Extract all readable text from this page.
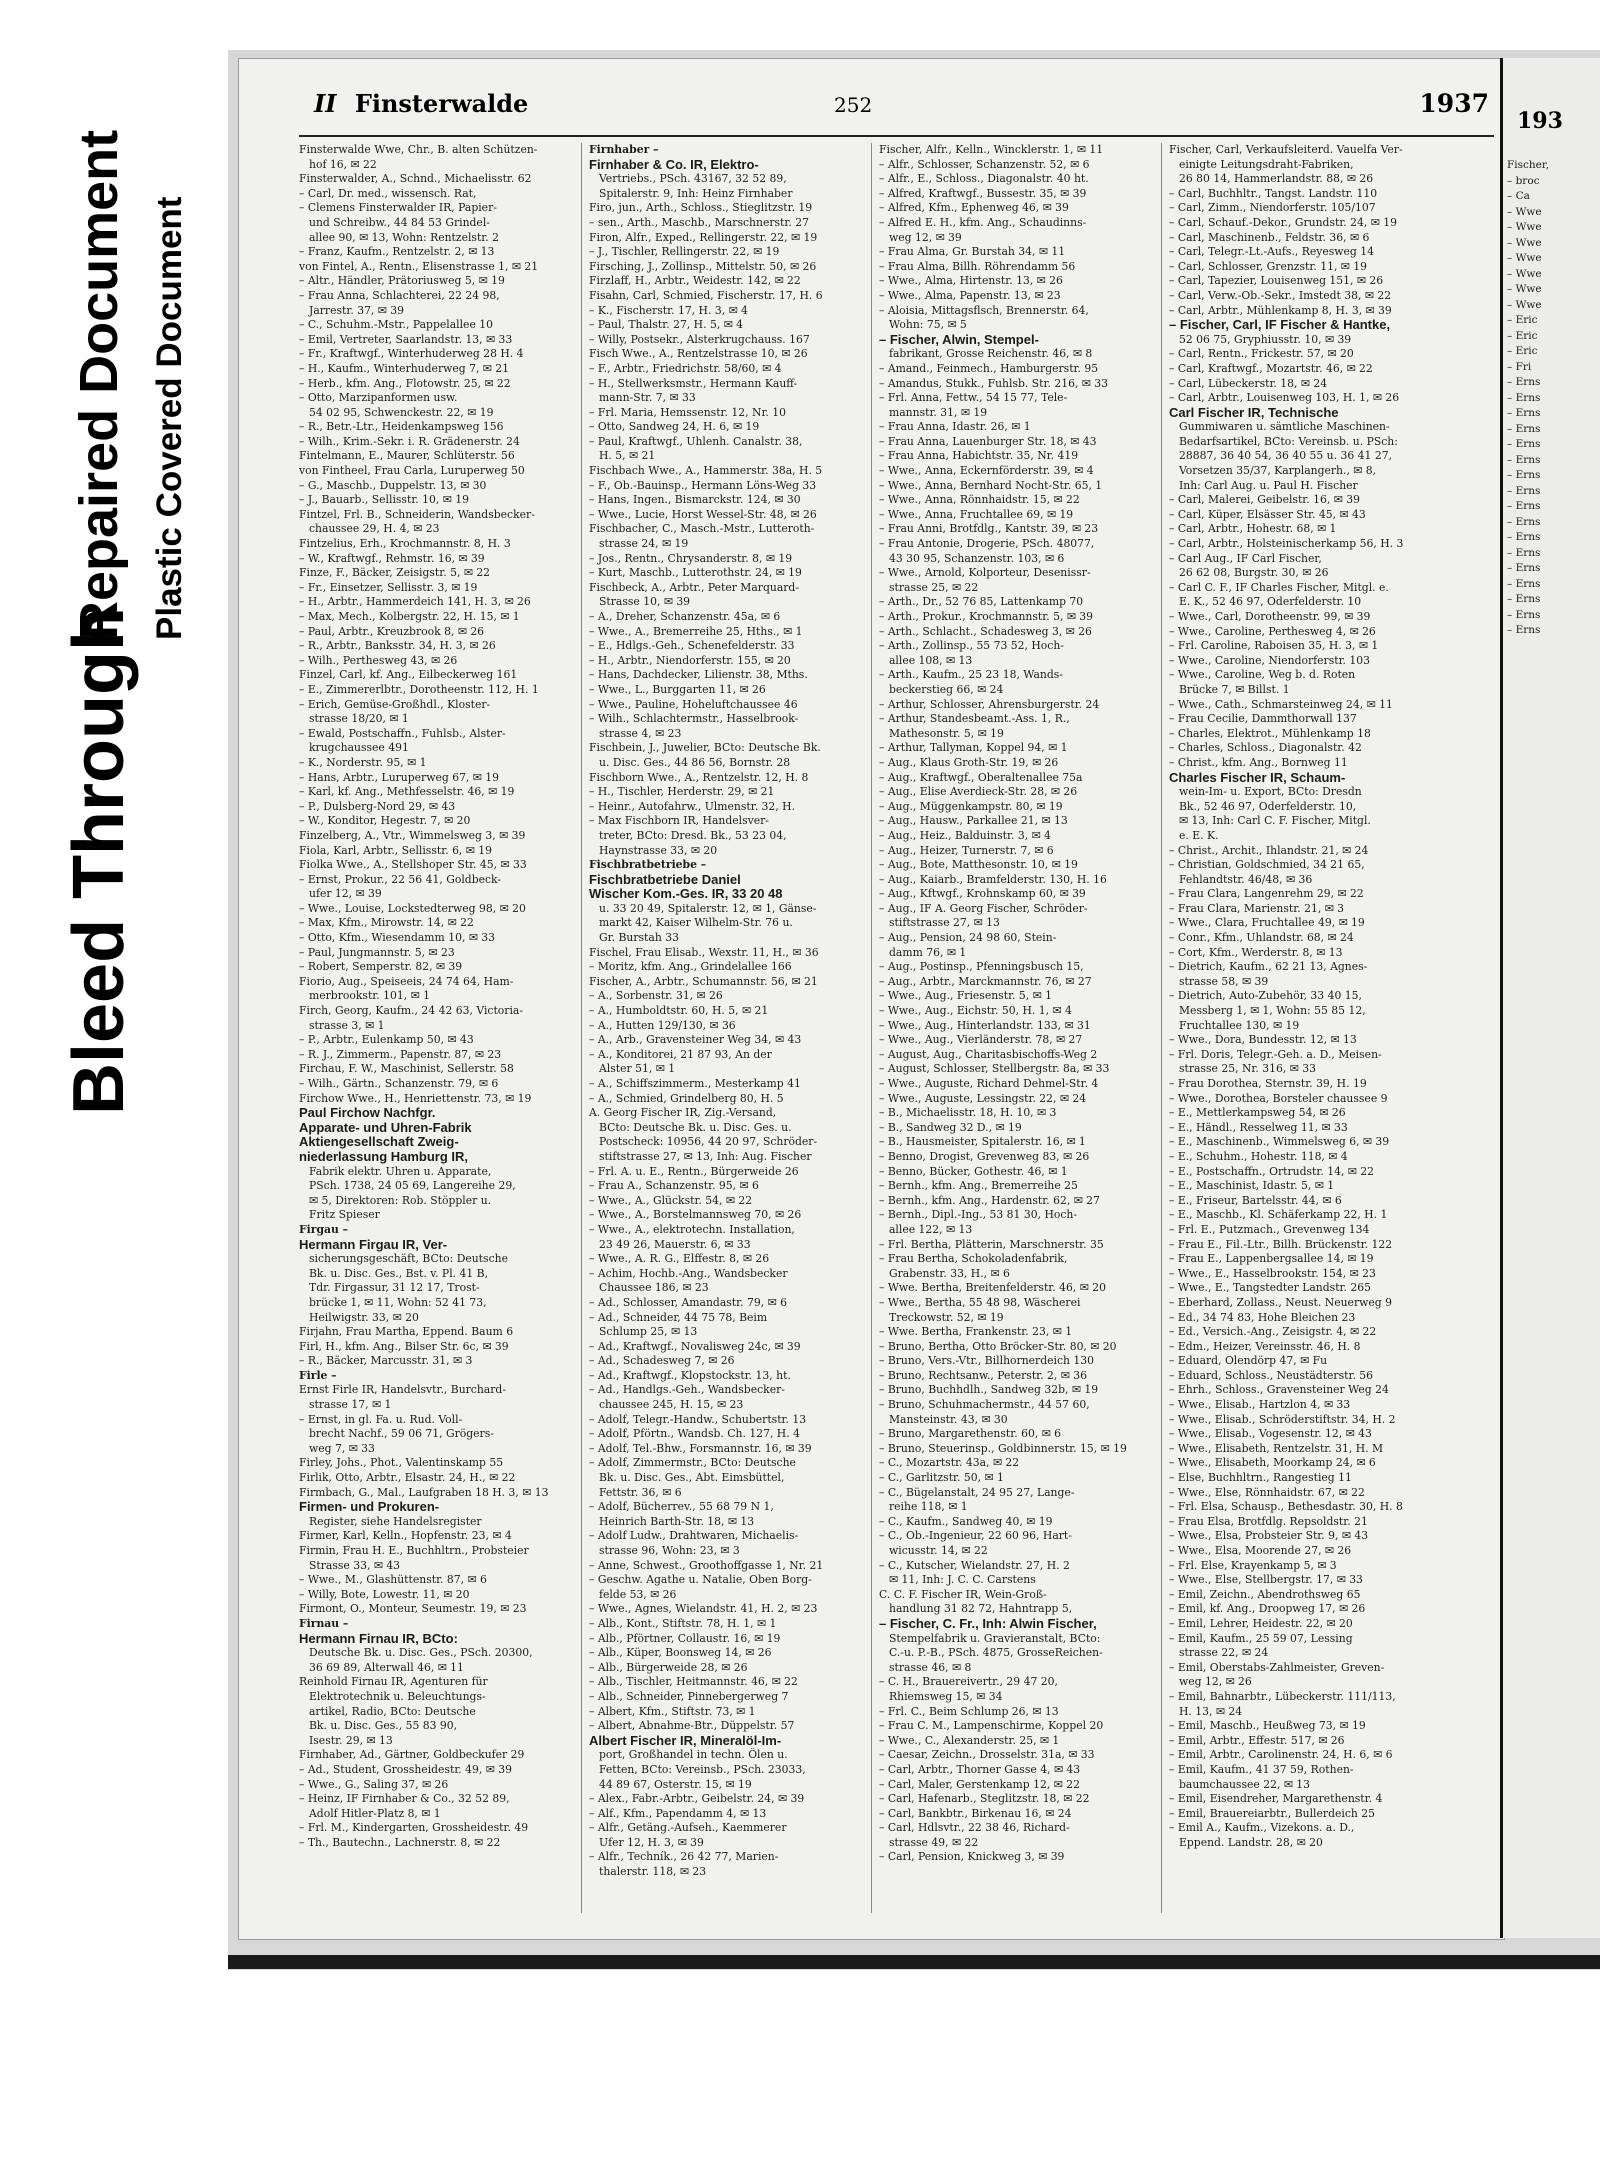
Bleed Through
Repaired Document Plastic Covered Document
II Finsterwalde	252	1937
Finsterwalde Wwe, Chr., B. alten Schützen-
hof 16, ✉ 22
Finsterwalder, A., Schnd., Michaelisstr. 62
– Carl, Dr. med., wissensch. Rat,
– Clemens Finsterwalder IR, Papier-
und Schreibw., 44 84 53 Grindel-
allee 90, ✉ 13, Wohn: Rentzelstr. 2
– Franz, Kaufm., Rentzelstr. 2, ✉ 13
von Fintel, A., Rentn., Elisenstrasse 1, ✉ 21
– Altr., Händler, Prätoriusweg 5, ✉ 19
– Frau Anna, Schlachterei, 22 24 98,
Jarrestr. 37, ✉ 39
– C., Schuhm.-Mstr., Pappelallee 10
– Emil, Vertreter, Saarlandstr. 13, ✉ 33
– Fr., Kraftwgf., Winterhuderweg 28 H. 4
– H., Kaufm., Winterhuderweg 7, ✉ 21
– Herb., kfm. Ang., Flotowstr. 25, ✉ 22
– Otto, Marzipanformen usw.
54 02 95, Schwenckestr. 22, ✉ 19
– R., Betr.-Ltr., Heidenkampsweg 156
– Wilh., Krim.-Sekr. i. R. Grädenerstr. 24
Fintelmann, E., Maurer, Schlüterstr. 56
von Fintheel, Frau Carla, Luruperweg 50
– G., Maschb., Duppelstr. 13, ✉ 30
– J., Bauarb., Sellisstr. 10, ✉ 19
Fintzel, Frl. B., Schneiderin, Wandsbecker-
chaussee 29, H. 4, ✉ 23
Fintzelius, Erh., Krochmannstr. 8, H. 3
– W., Kraftwgf., Rehmstr. 16, ✉ 39
Finze, F., Bäcker, Zeisigstr. 5, ✉ 22
– Fr., Einsetzer, Sellisstr. 3, ✉ 19
– H., Arbtr., Hammerdeich 141, H. 3, ✉ 26
– Max, Mech., Kolbergstr. 22, H. 15, ✉ 1
– Paul, Arbtr., Kreuzbrook 8, ✉ 26
– R., Arbtr., Banksstr. 34, H. 3, ✉ 26
– Wilh., Perthesweg 43, ✉ 26
Finzel, Carl, kf. Ang., Eilbeckerweg 161
– E., Zimmererlbtr., Dorotheenstr. 112, H. 1
– Erich, Gemüse-Großhdl., Kloster-
strasse 18/20, ✉ 1
– Ewald, Postschaffn., Fuhlsb., Alster-
krugchaussee 491
– K., Norderstr. 95, ✉ 1
– Hans, Arbtr., Luruperweg 67, ✉ 19
– Karl, kf. Ang., Methfesselstr. 46, ✉ 19
– P., Dulsberg-Nord 29, ✉ 43
– W., Konditor, Hegestr. 7, ✉ 20
Finzelberg, A., Vtr., Wimmelsweg 3, ✉ 39
Fiola, Karl, Arbtr., Sellisstr. 6, ✉ 19
Fiolka Wwe., A., Stellshoper Str. 45, ✉ 33
– Ernst, Prokur., 22 56 41, Goldbeck-
ufer 12, ✉ 39
– Wwe., Louise, Lockstedterweg 98, ✉ 20
– Max, Kfm., Mirowstr. 14, ✉ 22
– Otto, Kfm., Wiesendamm 10, ✉ 33
– Paul, Jungmannstr. 5, ✉ 23
– Robert, Semperstr. 82, ✉ 39
Fiorio, Aug., Speiseeis, 24 74 64, Ham-
merbrookstr. 101, ✉ 1
Firch, Georg, Kaufm., 24 42 63, Victoria-
strasse 3, ✉ 1
– P., Arbtr., Eulenkamp 50, ✉ 43
– R. J., Zimmerm., Papenstr. 87, ✉ 23
Firchau, F. W., Maschinist, Sellerstr. 58
– Wilh., Gärtn., Schanzenstr. 79, ✉ 6
Firchow Wwe., H., Henriettenstr. 73, ✉ 19
Paul Firchow Nachfgr.
Apparate- und Uhren-Fabrik
Aktiengesellschaft Zweig-
niederlassung Hamburg IR,
Fabrik elektr. Uhren u. Apparate,
PSch. 1738, 24 05 69, Langereihe 29,
✉ 5, Direktoren: Rob. Stöppler u.
Fritz Spieser
Firgau –
Hermann Firgau IR, Ver-
sicherungsgeschäft, BCto: Deutsche
Bk. u. Disc. Ges., Bst. v. Pl. 41 B,
Tdr. Firgassur, 31 12 17, Trost-
brücke 1, ✉ 11, Wohn: 52 41 73,
Heilwigstr. 33, ✉ 20
Firjahn, Frau Martha, Eppend. Baum 6
Firl, H., kfm. Ang., Bilser Str. 6c, ✉ 39
– R., Bäcker, Marcusstr. 31, ✉ 3
Firle –
Ernst Firle IR, Handelsvtr., Burchard-
strasse 17, ✉ 1
– Ernst, in gl. Fa. u. Rud. Voll-
brecht Nachf., 59 06 71, Grögers-
weg 7, ✉ 33
Firley, Johs., Phot., Valentinskamp 55
Firlik, Otto, Arbtr., Elsastr. 24, H., ✉ 22
Firmbach, G., Mal., Laufgraben 18 H. 3, ✉ 13
Firmen- und Prokuren-
Register, siehe Handelsregister
Firmer, Karl, Kelln., Hopfenstr. 23, ✉ 4
Firmin, Frau H. E., Buchhltrn., Probsteier
Strasse 33, ✉ 43
– Wwe., M., Glashüttenstr. 87, ✉ 6
– Willy, Bote, Lowestr. 11, ✉ 20
Firmont, O., Monteur, Seumestr. 19, ✉ 23
Firnau –
Hermann Firnau IR, BCto:
Deutsche Bk. u. Disc. Ges., PSch. 20300,
36 69 89, Alterwall 46, ✉ 11
Reinhold Firnau IR, Agenturen für
Elektrotechnik u. Beleuchtungs-
artikel, Radio, BCto: Deutsche
Bk. u. Disc. Ges., 55 83 90,
Isestr. 29, ✉ 13
Firnhaber, Ad., Gärtner, Goldbeckufer 29
– Ad., Student, Grossheidestr. 49, ✉ 39
– Wwe., G., Saling 37, ✉ 26
– Heinz, IF Firnhaber & Co., 32 52 89,
Adolf Hitler-Platz 8, ✉ 1
– Frl. M., Kindergarten, Grossheidestr. 49
– Th., Bautechn., Lachnerstr. 8, ✉ 22
Firnhaber –
Firnhaber & Co. IR, Elektro-
Vertriebs., PSch. 43167, 32 52 89,
Spitalerstr. 9, Inh: Heinz Firnhaber
Firo, jun., Arth., Schloss., Stieglitzstr. 19
– sen., Arth., Maschb., Marschnerstr. 27
Firon, Alfr., Exped., Rellingerstr. 22, ✉ 19
– J., Tischler, Rellingerstr. 22, ✉ 19
Firsching, J., Zollinsp., Mittelstr. 50, ✉ 26
Firzlaff, H., Arbtr., Weidestr. 142, ✉ 22
Fisahn, Carl, Schmied, Fischerstr. 17, H. 6
– K., Fischerstr. 17, H. 3, ✉ 4
– Paul, Thalstr. 27, H. 5, ✉ 4
– Willy, Postsekr., Alsterkrugchauss. 167
Fisch Wwe., A., Rentzelstrasse 10, ✉ 26
– F., Arbtr., Friedrichstr. 58/60, ✉ 4
– H., Stellwerksmstr., Hermann Kauff-
mann-Str. 7, ✉ 33
– Frl. Maria, Hemssenstr. 12, Nr. 10
– Otto, Sandweg 24, H. 6, ✉ 19
– Paul, Kraftwgf., Uhlenh. Canalstr. 38,
H. 5, ✉ 21
Fischbach Wwe., A., Hammerstr. 38a, H. 5
– F., Ob.-Bauinsp., Hermann Löns-Weg 33
– Hans, Ingen., Bismarckstr. 124, ✉ 30
– Wwe., Lucie, Horst Wessel-Str. 48, ✉ 26
Fischbacher, C., Masch.-Mstr., Lutteroth-
strasse 24, ✉ 19
– Jos., Rentn., Chrysanderstr. 8, ✉ 19
– Kurt, Maschb., Lutterothstr. 24, ✉ 19
Fischbeck, A., Arbtr., Peter Marquard-
Strasse 10, ✉ 39
– A., Dreher, Schanzenstr. 45a, ✉ 6
– Wwe., A., Bremerreihe 25, Hths., ✉ 1
– E., Hdlgs.-Geh., Schenefelderstr. 33
– H., Arbtr., Niendorferstr. 155, ✉ 20
– Hans, Dachdecker, Lilienstr. 38, Mths.
– Wwe., L., Burggarten 11, ✉ 26
– Wwe., Pauline, Hoheluftchaussee 46
– Wilh., Schlachtermstr., Hasselbrook-
strasse 4, ✉ 23
Fischbein, J., Juwelier, BCto: Deutsche Bk.
u. Disc. Ges., 44 86 56, Bornstr. 28
Fischborn Wwe., A., Rentzelstr. 12, H. 8
– H., Tischler, Herderstr. 29, ✉ 21
– Heinr., Autofahrw., Ulmenstr. 32, H.
– Max Fischborn IR, Handelsver-
treter, BCto: Dresd. Bk., 53 23 04,
Haynstrasse 33, ✉ 20
Fischbratbetriebe –
Fischbratbetriebe Daniel
Wischer Kom.-Ges. IR, 33 20 48
u. 33 20 49, Spitalerstr. 12, ✉ 1, Gänse-
markt 42, Kaiser Wilhelm-Str. 76 u.
Gr. Burstah 33
Fischel, Frau Elisab., Wexstr. 11, H., ✉ 36
– Moritz, kfm. Ang., Grindelallee 166
Fischer, A., Arbtr., Schumannstr. 56, ✉ 21
– A., Sorbenstr. 31, ✉ 26
– A., Humboldtstr. 60, H. 5, ✉ 21
– A., Hutten 129/130, ✉ 36
– A., Arb., Gravensteiner Weg 34, ✉ 43
– A., Konditorei, 21 87 93, An der
Alster 51, ✉ 1
– A., Schiffszimmerm., Mesterkamp 41
– A., Schmied, Grindelberg 80, H. 5
A. Georg Fischer IR, Zig.-Versand,
BCto: Deutsche Bk. u. Disc. Ges. u.
Postscheck: 10956, 44 20 97, Schröder-
stiftstrasse 27, ✉ 13, Inh: Aug. Fischer
– Frl. A. u. E., Rentn., Bürgerweide 26
– Frau A., Schanzenstr. 95, ✉ 6
– Wwe., A., Glückstr. 54, ✉ 22
– Wwe., A., Borstelmannsweg 70, ✉ 26
– Wwe., A., elektrotechn. Installation,
23 49 26, Mauerstr. 6, ✉ 33
– Wwe., A. R. G., Elffestr. 8, ✉ 26
– Achim, Hochb.-Ang., Wandsbecker
Chaussee 186, ✉ 23
– Ad., Schlosser, Amandastr. 79, ✉ 6
– Ad., Schneider, 44 75 78, Beim
Schlump 25, ✉ 13
– Ad., Kraftwgf., Novalisweg 24c, ✉ 39
– Ad., Schadesweg 7, ✉ 26
– Ad., Kraftwgf., Klopstockstr. 13, ht.
– Ad., Handlgs.-Geh., Wandsbecker-
chaussee 245, H. 15, ✉ 23
– Adolf, Telegr.-Handw., Schubertstr. 13
– Adolf, Pförtn., Wandsb. Ch. 127, H. 4
– Adolf, Tel.-Bhw., Forsmannstr. 16, ✉ 39
– Adolf, Zimmermstr., BCto: Deutsche
Bk. u. Disc. Ges., Abt. Eimsbüttel,
Fettstr. 36, ✉ 6
– Adolf, Bücherrev., 55 68 79 N 1,
Heinrich Barth-Str. 18, ✉ 13
– Adolf Ludw., Drahtwaren, Michaelis-
strasse 96, Wohn: 23, ✉ 3
– Anne, Schwest., Groothoffgasse 1, Nr. 21
– Geschw. Agathe u. Natalie, Oben Borg-
felde 53, ✉ 26
– Wwe., Agnes, Wielandstr. 41, H. 2, ✉ 23
– Alb., Kont., Stiftstr. 78, H. 1, ✉ 1
– Alb., Pförtner, Collaustr. 16, ✉ 19
– Alb., Küper, Boonsweg 14, ✉ 26
– Alb., Bürgerweide 28, ✉ 26
– Alb., Tischler, Heitmannstr. 46, ✉ 22
– Alb., Schneider, Pinnebergerweg 7
– Albert, Kfm., Stiftstr. 73, ✉ 1
– Albert, Abnahme-Btr., Düppelstr. 57
Albert Fischer IR, Mineralöl-Im-
port, Großhandel in techn. Ölen u.
Fetten, BCto: Vereinsb., PSch. 23033,
44 89 67, Osterstr. 15, ✉ 19
– Alex., Fabr.-Arbtr., Geibelstr. 24, ✉ 39
– Alf., Kfm., Papendamm 4, ✉ 13
– Alfr., Getäng.-Aufseh., Kaemmerer
Ufer 12, H. 3, ✉ 39
– Alfr., Techník., 26 42 77, Marien-
thalerstr. 118, ✉ 23
Fischer, Alfr., Kelln., Wincklerstr. 1, ✉ 11
– Alfr., Schlosser, Schanzenstr. 52, ✉ 6
– Alfr., E., Schloss., Diagonalstr. 40 ht.
– Alfred, Kraftwgf., Bussestr. 35, ✉ 39
– Alfred, Kfm., Ephenweg 46, ✉ 39
– Alfred E. H., kfm. Ang., Schaudinns-
weg 12, ✉ 39
– Frau Alma, Gr. Burstah 34, ✉ 11
– Frau Alma, Billh. Röhrendamm 56
– Wwe., Alma, Hirtenstr. 13, ✉ 26
– Wwe., Alma, Papenstr. 13, ✉ 23
– Aloisia, Mittagsflsch, Brennerstr. 64,
Wohn: 75, ✉ 5
– Fischer, Alwin, Stempel-
fabrikant, Grosse Reichenstr. 46, ✉ 8
– Amand., Feinmech., Hamburgerstr. 95
– Amandus, Stukk., Fuhlsb. Str. 216, ✉ 33
– Frl. Anna, Fettw., 54 15 77, Tele-
mannstr. 31, ✉ 19
– Frau Anna, Idastr. 26, ✉ 1
– Frau Anna, Lauenburger Str. 18, ✉ 43
– Frau Anna, Habichtstr. 35, Nr. 419
– Wwe., Anna, Eckernförderstr. 39, ✉ 4
– Wwe., Anna, Bernhard Nocht-Str. 65, 1
– Wwe., Anna, Rönnhaidstr. 15, ✉ 22
– Wwe., Anna, Fruchtallee 69, ✉ 19
– Frau Anni, Brotfdlg., Kantstr. 39, ✉ 23
– Frau Antonie, Drogerie, PSch. 48077,
43 30 95, Schanzenstr. 103, ✉ 6
– Wwe., Arnold, Kolporteur, Desenissr-
strasse 25, ✉ 22
– Arth., Dr., 52 76 85, Lattenkamp 70
– Arth., Prokur., Krochmannstr. 5, ✉ 39
– Arth., Schlacht., Schadesweg 3, ✉ 26
– Arth., Zollinsp., 55 73 52, Hoch-
allee 108, ✉ 13
– Arth., Kaufm., 25 23 18, Wands-
beckerstieg 66, ✉ 24
– Arthur, Schlosser, Ahrensburgerstr. 24
– Arthur, Standesbeamt.-Ass. 1, R.,
Mathesonstr. 5, ✉ 19
– Arthur, Tallyman, Koppel 94, ✉ 1
– Aug., Klaus Groth-Str. 19, ✉ 26
– Aug., Kraftwgf., Oberaltenallee 75a
– Aug., Elise Averdieck-Str. 28, ✉ 26
– Aug., Müggenkampstr. 80, ✉ 19
– Aug., Hausw., Parkallee 21, ✉ 13
– Aug., Heiz., Balduinstr. 3, ✉ 4
– Aug., Heizer, Turnerstr. 7, ✉ 6
– Aug., Bote, Matthesonstr. 10, ✉ 19
– Aug., Kaiarb., Bramfelderstr. 130, H. 16
– Aug., Kftwgf., Krohnskamp 60, ✉ 39
– Aug., IF A. Georg Fischer, Schröder-
stiftstrasse 27, ✉ 13
– Aug., Pension, 24 98 60, Stein-
damm 76, ✉ 1
– Aug., Postinsp., Pfenningsbusch 15,
– Aug., Arbtr., Marckmannstr. 76, ✉ 27
– Wwe., Aug., Friesenstr. 5, ✉ 1
– Wwe., Aug., Eichstr. 50, H. 1, ✉ 4
– Wwe., Aug., Hinterlandstr. 133, ✉ 31
– Wwe., Aug., Vierländerstr. 78, ✉ 27
– August, Aug., Charitasbischoffs-Weg 2
– August, Schlosser, Stellbergstr. 8a, ✉ 33
– Wwe., Auguste, Richard Dehmel-Str. 4
– Wwe., Auguste, Lessingstr. 22, ✉ 24
– B., Michaelisstr. 18, H. 10, ✉ 3
– B., Sandweg 32 D., ✉ 19
– B., Hausmeister, Spitalerstr. 16, ✉ 1
– Benno, Drogist, Grevenweg 83, ✉ 26
– Benno, Bücker, Gothestr. 46, ✉ 1
– Bernh., kfm. Ang., Bremerreihe 25
– Bernh., kfm. Ang., Hardenstr. 62, ✉ 27
– Bernh., Dipl.-Ing., 53 81 30, Hoch-
allee 122, ✉ 13
– Frl. Bertha, Plätterin, Marschnerstr. 35
– Frau Bertha, Schokoladenfabrik,
Grabenstr. 33, H., ✉ 6
– Wwe. Bertha, Breitenfelderstr. 46, ✉ 20
– Wwe., Bertha, 55 48 98, Wäscherei
Treckowstr. 52, ✉ 19
– Wwe. Bertha, Frankenstr. 23, ✉ 1
– Bruno, Bertha, Otto Bröcker-Str. 80, ✉ 20
– Bruno, Vers.-Vtr., Billhornerdeich 130
– Bruno, Rechtsanw., Peterstr. 2, ✉ 36
– Bruno, Buchhdlh., Sandweg 32b, ✉ 19
– Bruno, Schuhmachermstr., 44 57 60,
Mansteinstr. 43, ✉ 30
– Bruno, Margarethenstr. 60, ✉ 6
– Bruno, Steuerinsp., Goldbinnerstr. 15, ✉ 19
– C., Mozartstr. 43a, ✉ 22
– C., Garlitzstr. 50, ✉ 1
– C., Bügelanstalt, 24 95 27, Lange-
reihe 118, ✉ 1
– C., Kaufm., Sandweg 40, ✉ 19
– C., Ob.-Ingenieur, 22 60 96, Hart-
wicusstr. 14, ✉ 22
– C., Kutscher, Wielandstr. 27, H. 2
✉ 11, Inh: J. C. C. Carstens
C. C. F. Fischer IR, Wein-Groß-
handlung 31 82 72, Hahntrapp 5,
– Fischer, C. Fr., Inh: Alwin Fischer,
Stempelfabrik u. Gravieranstalt, BCto:
C.-u. P.-B., PSch. 4875, GrosseReichen-
strasse 46, ✉ 8
– C. H., Brauereivertr., 29 47 20,
Rhiemsweg 15, ✉ 34
– Frl. C., Beim Schlump 26, ✉ 13
– Frau C. M., Lampenschirme, Koppel 20
– Wwe., C., Alexanderstr. 25, ✉ 1
– Caesar, Zeichn., Drosselstr. 31a, ✉ 33
– Carl, Arbtr., Thorner Gasse 4, ✉ 43
– Carl, Maler, Gerstenkamp 12, ✉ 22
– Carl, Hafenarb., Steglitzstr. 18, ✉ 22
– Carl, Bankbtr., Birkenau 16, ✉ 24
– Carl, Hdlsvtr., 22 38 46, Richard-
strasse 49, ✉ 22
– Carl, Pension, Knickweg 3, ✉ 39
Fischer, Carl, Verkaufsleiterd. Vauelfa Ver-
einigte Leitungsdraht-Fabriken,
26 80 14, Hammerlandstr. 88, ✉ 26
– Carl, Buchhltr., Tangst. Landstr. 110
– Carl, Zimm., Niendorferstr. 105/107
– Carl, Schauf.-Dekor., Grundstr. 24, ✉ 19
– Carl, Maschinenb., Feldstr. 36, ✉ 6
– Carl, Telegr.-Lt.-Aufs., Reyesweg 14
– Carl, Schlosser, Grenzstr. 11, ✉ 19
– Carl, Tapezier, Louisenweg 151, ✉ 26
– Carl, Verw.-Ob.-Sekr., Imstedt 38, ✉ 22
– Carl, Arbtr., Mühlenkamp 8, H. 3, ✉ 39
– Fischer, Carl, IF Fischer & Hantke,
52 06 75, Gryphiusstr. 10, ✉ 39
– Carl, Rentn., Frickestr. 57, ✉ 20
– Carl, Kraftwgf., Mozartstr. 46, ✉ 22
– Carl, Lübeckerstr. 18, ✉ 24
– Carl, Arbtr., Louisenweg 103, H. 1, ✉ 26
Carl Fischer IR, Technische
Gummiwaren u. sämtliche Maschinen-
Bedarfsartikel, BCto: Vereinsb. u. PSch:
28887, 36 40 54, 36 40 55 u. 36 41 27,
Vorsetzen 35/37, Karplangerh., ✉ 8,
Inh: Carl Aug. u. Paul H. Fischer
– Carl, Malerei, Geibelstr. 16, ✉ 39
– Carl, Küper, Elsässer Str. 45, ✉ 43
– Carl, Arbtr., Hohestr. 68, ✉ 1
– Carl, Arbtr., Holsteinischerkamp 56, H. 3
– Carl Aug., IF Carl Fischer,
26 62 08, Burgstr. 30, ✉ 26
– Carl C. F., IF Charles Fischer, Mitgl. e.
E. K., 52 46 97, Oderfelderstr. 10
– Wwe., Carl, Dorotheenstr. 99, ✉ 39
– Wwe., Caroline, Perthesweg 4, ✉ 26
– Frl. Caroline, Raboisen 35, H. 3, ✉ 1
– Wwe., Caroline, Niendorferstr. 103
– Wwe., Caroline, Weg b. d. Roten
Brücke 7, ✉ Billst. 1
– Wwe., Cath., Schmarsteinweg 24, ✉ 11
– Frau Cecilie, Dammthorwall 137
– Charles, Elektrot., Mühlenkamp 18
– Charles, Schloss., Diagonalstr. 42
– Christ., kfm. Ang., Bornweg 11
Charles Fischer IR, Schaum-
wein-Im- u. Export, BCto: Dresdn
Bk., 52 46 97, Oderfelderstr. 10,
✉ 13, Inh: Carl C. F. Fischer, Mitgl.
e. E. K.
– Christ., Archit., Ihlandstr. 21, ✉ 24
– Christian, Goldschmied, 34 21 65,
Fehlandtstr. 46/48, ✉ 36
– Frau Clara, Langenrehm 29, ✉ 22
– Frau Clara, Marienstr. 21, ✉ 3
– Wwe., Clara, Fruchtallee 49, ✉ 19
– Conr., Kfm., Uhlandstr. 68, ✉ 24
– Cort, Kfm., Werderstr. 8, ✉ 13
– Dietrich, Kaufm., 62 21 13, Agnes-
strasse 58, ✉ 39
– Dietrich, Auto-Zubehör, 33 40 15,
Messberg 1, ✉ 1, Wohn: 55 85 12,
Fruchtallee 130, ✉ 19
– Wwe., Dora, Bundesstr. 12, ✉ 13
– Frl. Doris, Telegr.-Geh. a. D., Meisen-
strasse 25, Nr. 316, ✉ 33
– Frau Dorothea, Sternstr. 39, H. 19
– Wwe., Dorothea, Borsteler chaussee 9
– E., Mettlerkampsweg 54, ✉ 26
– E., Händl., Resselweg 11, ✉ 33
– E., Maschinenb., Wimmelsweg 6, ✉ 39
– E., Schuhm., Hohestr. 118, ✉ 4
– E., Postschaffn., Ortrudstr. 14, ✉ 22
– E., Maschinist, Idastr. 5, ✉ 1
– E., Friseur, Bartelsstr. 44, ✉ 6
– E., Maschb., Kl. Schäferkamp 22, H. 1
– Frl. E., Putzmach., Grevenweg 134
– Frau E., Fil.-Ltr., Billh. Brückenstr. 122
– Frau E., Lappenbergsallee 14, ✉ 19
– Wwe., E., Hasselbrookstr. 154, ✉ 23
– Wwe., E., Tangstedter Landstr. 265
– Eberhard, Zollass., Neust. Neuerweg 9
– Ed., 34 74 83, Hohe Bleichen 23
– Ed., Versich.-Ang., Zeisigstr. 4, ✉ 22
– Edm., Heizer, Vereinsstr. 46, H. 8
– Eduard, Olendörp 47, ✉ Fu
– Eduard, Schloss., Neustädterstr. 56
– Ehrh., Schloss., Gravensteiner Weg 24
– Wwe., Elisab., Hartzlon 4, ✉ 33
– Wwe., Elisab., Schröderstiftstr. 34, H. 2
– Wwe., Elisab., Vogesenstr. 12, ✉ 43
– Wwe., Elisabeth, Rentzelstr. 31, H. M
– Wwe., Elisabeth, Moorkamp 24, ✉ 6
– Else, Buchhltrn., Rangestieg 11
– Wwe., Else, Rönnhaidstr. 67, ✉ 22
– Frl. Elsa, Schausp., Bethesdastr. 30, H. 8
– Frau Elsa, Brotfdlg. Repsoldstr. 21
– Wwe., Elsa, Probsteier Str. 9, ✉ 43
– Wwe., Elsa, Moorende 27, ✉ 26
– Frl. Else, Krayenkamp 5, ✉ 3
– Wwe., Else, Stellbergstr. 17, ✉ 33
– Emil, Zeichn., Abendrothsweg 65
– Emil, kf. Ang., Droopweg 17, ✉ 26
– Emil, Lehrer, Heidestr. 22, ✉ 20
– Emil, Kaufm., 25 59 07, Lessing
strasse 22, ✉ 24
– Emil, Oberstabs-Zahlmeister, Greven-
weg 12, ✉ 26
– Emil, Bahnarbtr., Lübeckerstr. 111/113,
H. 13, ✉ 24
– Emil, Maschb., Heußweg 73, ✉ 19
– Emil, Arbtr., Effestr. 517, ✉ 26
– Emil, Arbtr., Carolinenstr. 24, H. 6, ✉ 6
– Emil, Kaufm., 41 37 59, Rothen-
baumchaussee 22, ✉ 13
– Emil, Eisendreher, Margarethenstr. 4
– Emil, Brauereiarbtr., Bullerdeich 25
– Emil A., Kaufm., Vizekons. a. D.,
Eppend. Landstr. 28, ✉ 20
193
Fischer,
– broc
– Ca
– Wwe
– Wwe
– Wwe
– Wwe
– Wwe
– Wwe
– Wwe
– Eric
– Eric
– Eric
– Fri
– Erns
– Erns
– Erns
– Erns
– Erns
– Erns
– Erns
– Erns
– Erns
– Erns
– Erns
– Erns
– Erns
– Erns
– Erns
– Erns
– Erns
